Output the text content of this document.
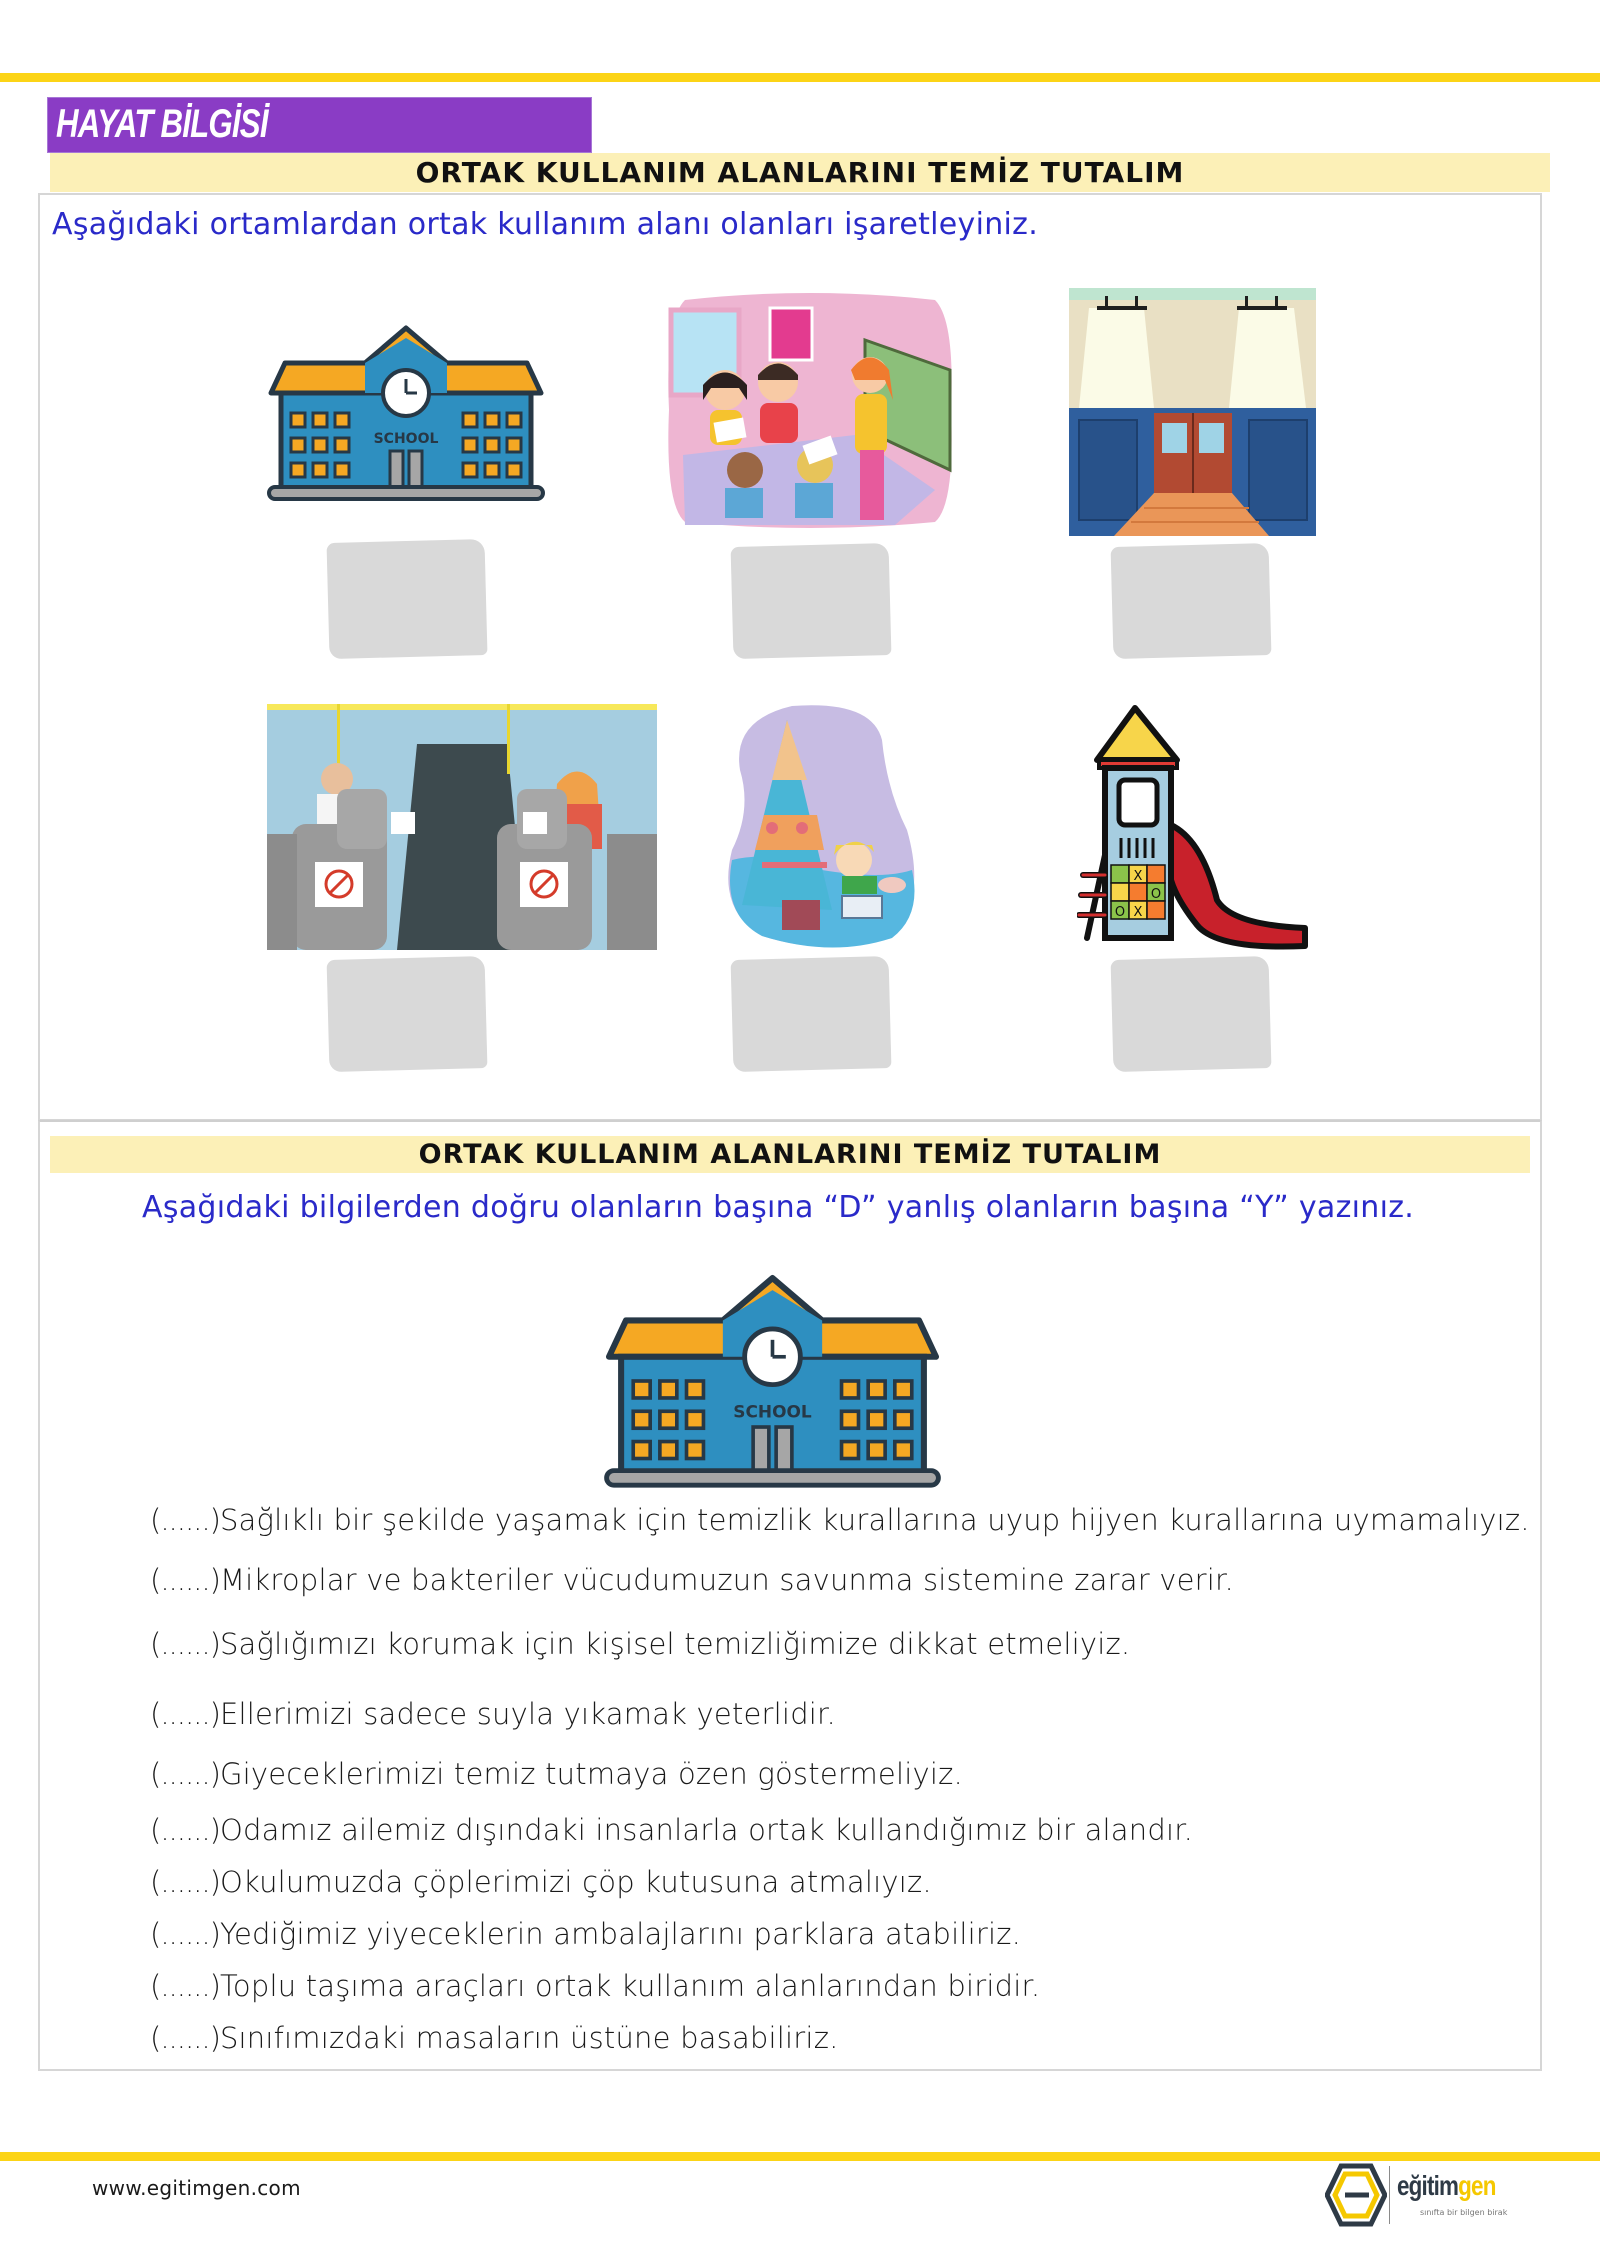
HAYAT BİLGİSİ
ORTAK KULLANIM ALANLARINI TEMİZ TUTALIM
Aşağıdaki ortamlardan ortak kullanım alanı olanları işaretleyiniz.
SCHOOL
X
O
O X
ORTAK KULLANIM ALANLARINI TEMİZ TUTALIM
Aşağıdaki bilgilerden doğru olanların başına “D” yanlış olanların başına “Y” yazınız.
SCHOOL
(......)Sağlıklı bir şekilde yaşamak için temizlik kurallarına uyup hijyen kurallarına uymamalıyız.
(......)Mikroplar ve bakteriler vücudumuzun savunma sistemine zarar verir.
(......)Sağlığımızı korumak için kişisel temizliğimize dikkat etmeliyiz.
(......)Ellerimizi sadece suyla yıkamak yeterlidir.
(......)Giyeceklerimizi temiz tutmaya özen göstermeliyiz.
(......)Odamız ailemiz dışındaki insanlarla ortak kullandığımız bir alandır.
(......)Okulumuzda çöplerimizi çöp kutusuna atmalıyız.
(......)Yediğimiz yiyeceklerin ambalajlarını parklara atabiliriz.
(......)Toplu taşıma araçları ortak kullanım alanlarından biridir.
(......)Sınıfımızdaki masaların üstüne basabiliriz.
www.egitimgen.com	eğitimgen
sınıfta bir bilgen birak
